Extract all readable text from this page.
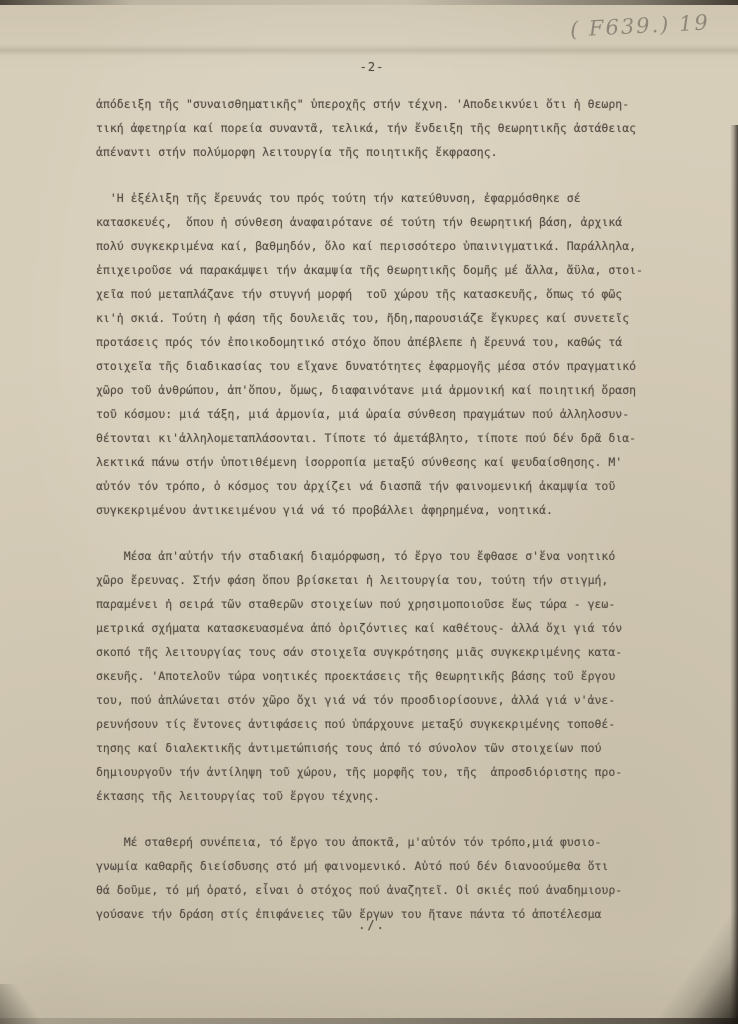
( F639.) 19
-2-

ἀπόδειξη τῆς "συναισθηματικῆς" ὑπεροχῆς στήν τέχνη. 'Αποδεικνύει ὅτι ἡ θεωρη-
τική ἀφετηρία καί πορεία συναντᾶ, τελικά, τήν ἔνδειξη τῆς θεωρητικῆς ἀστάθειας
ἀπέναντι στήν πολύμορφη λειτουργία τῆς ποιητικῆς ἔκφρασης.

'Η ἐξέλιξη τῆς ἔρευνάς του πρός τούτη τήν κατεύθυνση, ἐφαρμόσθηκε σέ
κατασκευές,  ὅπου ἡ σύνθεση ἀναφαιρότανε σέ τούτη τήν θεωρητική βάση, ἀρχικά
πολύ συγκεκριμένα καί, βαθμηδόν, ὅλο καί περισσότερο ὑπαινιγματικά. Παράλληλα,
ἐπιχειροῦσε νά παρακάμψει τήν ἀκαμψία τῆς θεωρητικῆς δομῆς μέ ἄλλα, ἄϋλα, στοι-
χεῖα πού μεταπλάζανε τήν στυγνή μορφή  τοῦ χώρου τῆς κατασκευῆς, ὅπως τό φῶς
κι'ἡ σκιά. Τούτη ἡ φάση τῆς δουλειᾶς του, ἤδη,παρουσιάζε ἔγκυρες καί συνετεῖς
προτάσεις πρός τόν ἐποικοδομητικό στόχο ὅπου ἀπέβλεπε ἡ ἔρευνά του, καθώς τά
στοιχεῖα τῆς διαδικασίας του εἴχανε δυνατότητες ἐφαρμογῆς μέσα στόν πραγματικό
χῶρο τοῦ ἀνθρώπου, ἀπ'ὅπου, ὅμως, διαφαινότανε μιά ἁρμονική καί ποιητική ὅραση
τοῦ κόσμου: μιά τάξη, μιά ἁρμονία, μιά ὡραία σύνθεση πραγμάτων πού ἀλληλοσυν-
θέτονται κι'ἀλληλομεταπλάσονται. Τίποτε τό ἀμετάβλητο, τίποτε πού δέν δρᾶ δια-
λεκτικά πάνω στήν ὑποτιθέμενη ἰσορροπία μεταξύ σύνθεσης καί ψευδαίσθησης. Μ'
αὐτόν τόν τρόπο, ὁ κόσμος του ἀρχίζει νά διασπᾶ τήν φαινομενική ἀκαμψία τοῦ
συγκεκριμένου ἀντικειμένου γιά νά τό προβάλλει ἀφηρημένα, νοητικά.

Μέσα ἀπ'αὐτήν τήν σταδιακή διαμόρφωση, τό ἔργο του ἔφθασε σ'ἕνα νοητικό
χῶρο ἔρευνας. Στήν φάση ὅπου βρίσκεται ἡ λειτουργία του, τούτη τήν στιγμή,
παραμένει ἡ σειρά τῶν σταθερῶν στοιχείων πού χρησιμοποιοῦσε ἕως τώρα - γεω-
μετρικά σχήματα κατασκευασμένα ἀπό ὁριζόντιες καί καθέτους- ἀλλά ὄχι γιά τόν
σκοπό τῆς λειτουργίας τους σάν στοιχεῖα συγκρότησης μιᾶς συγκεκριμένης κατα-
σκευῆς. 'Αποτελοῦν τώρα νοητικές προεκτάσεις τῆς θεωρητικῆς βάσης τοῦ ἔργου
του, πού ἁπλώνεται στόν χῶρο ὄχι γιά νά τόν προσδιορίσουνε, ἀλλά γιά ν'ἀνε-
ρευνήσουν τίς ἔντονες ἀντιφάσεις πού ὑπάρχουνε μεταξύ συγκεκριμένης τοποθέ-
τησης καί διαλεκτικῆς ἀντιμετώπισής τους ἀπό τό σύνολον τῶν στοιχείων πού
δημιουργοῦν τήν ἀντίληψη τοῦ χώρου, τῆς μορφῆς του, τῆς  ἀπροσδιόριστης προ-
έκτασης τῆς λειτουργίας τοῦ ἔργου τέχνης.

Μέ σταθερή συνέπεια, τό ἔργο του ἀποκτᾶ, μ'αὐτόν τόν τρόπο,μιά φυσιο-
γνωμία καθαρῆς διείσδυσης στό μή φαινομενικό. Αὐτό πού δέν διανοούμεθα ὅτι
θά δοῦμε, τό μή ὁρατό, εἶναι ὁ στόχος πού ἀναζητεῖ. Οἱ σκιές πού ἀναδημιουρ-
γούσανε τήν δράση στίς ἐπιφάνειες τῶν ἔργων του ἤτανε πάντα τό ἀποτέλεσμα

./.
